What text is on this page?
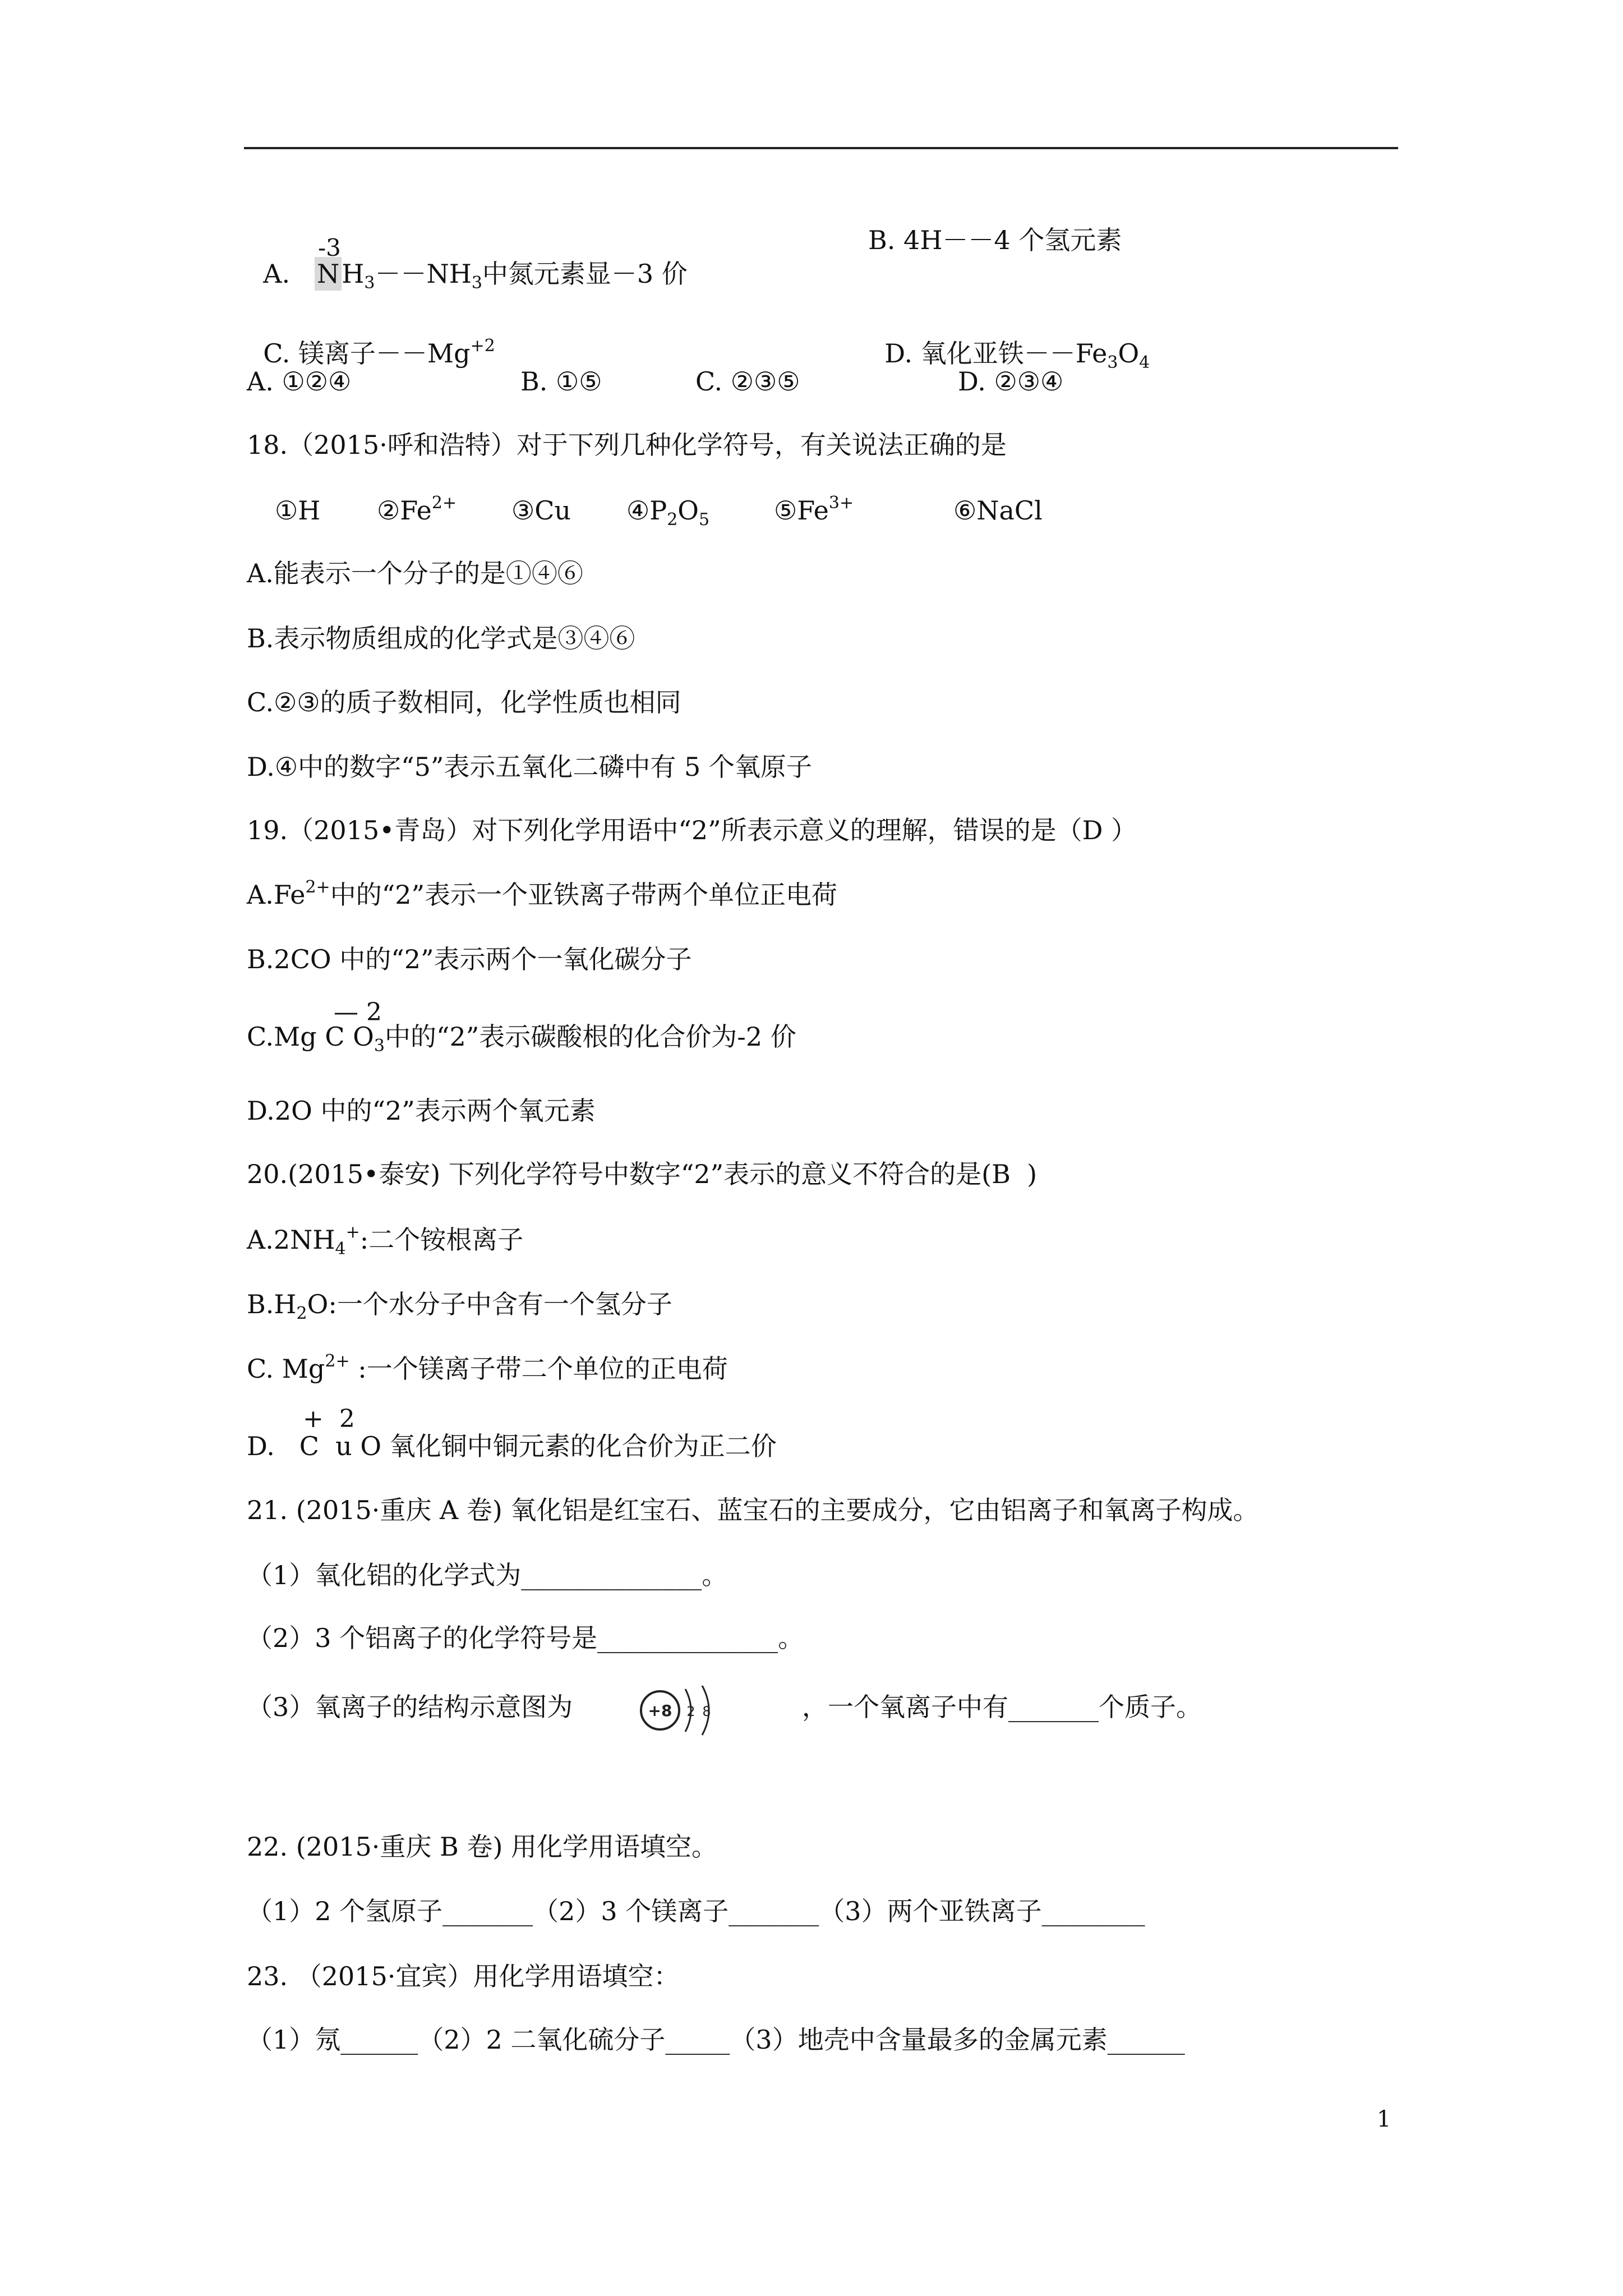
A.
-3
$NH_3--NH_3$中氮元素显－3 价

B. 4H－－4 个氢元素

C. 镁离子$--Mg^{+2}$	D. 氧化亚铁$--Fe_3O_4$

A. ①②④	B. ①⑤	C. ②③⑤	D. ②③④
18.（2015·呼和浩特）对于下列几种化学符号，有关说法正确的是
①H $②Fe^{2+}$ ③Cu $④P_2O_5$ $⑤Fe^{3+}$	⑥NaCl
A.能表示一个分子的是①④⑥
B.表示物质组成的化学式是③④⑥
C.②③的质子数相同，化学性质也相同
D.④中的数字“5”表示五氧化二磷中有 5 个氧原子
19.（2015•青岛）对下列化学用语中“2”所表示意义的理解，错误的是（D ）
$A.Fe^{2+}$中的“2”表示一个亚铁离子带两个单位正电荷
B.2CO 中的“2”表示两个一氧化碳分子
— 2
C.Mg C $O_3$中的“2”表示碳酸根的化合价为-2 价
D.2O 中的“2”表示两个氧元素
20.(2015•泰安) 下列化学符号中数字“2”表示的意义不符合的是(B  )
$A.2NH_4^+$:二个铵根离子
$B.H_2O$:一个水分子中含有一个氢分子
C. $Mg^{2+}$ :一个镁离子带二个单位的正电荷
+  2
D.   C  u O 氧化铜中铜元素的化合价为正二价
21. (2015·重庆 A 卷) 氧化铝是红宝石、蓝宝石的主要成分，它由铝离子和氧离子构成。
（1）氧化铝的化学式为______________。
（2）3 个铝离子的化学符号是______________。
（3）氧离子的结构示意图为	+8 2 8	，一个氧离子中有_______个质子。
22. (2015·重庆 B 卷) 用化学用语填空。
（1）2 个氢原子_______（2）3 个镁离子_______（3）两个亚铁离子________
23. （2015·宜宾）用化学用语填空：
（1）氖______（2）2 二氧化硫分子_____（3）地壳中含量最多的金属元素______
1
